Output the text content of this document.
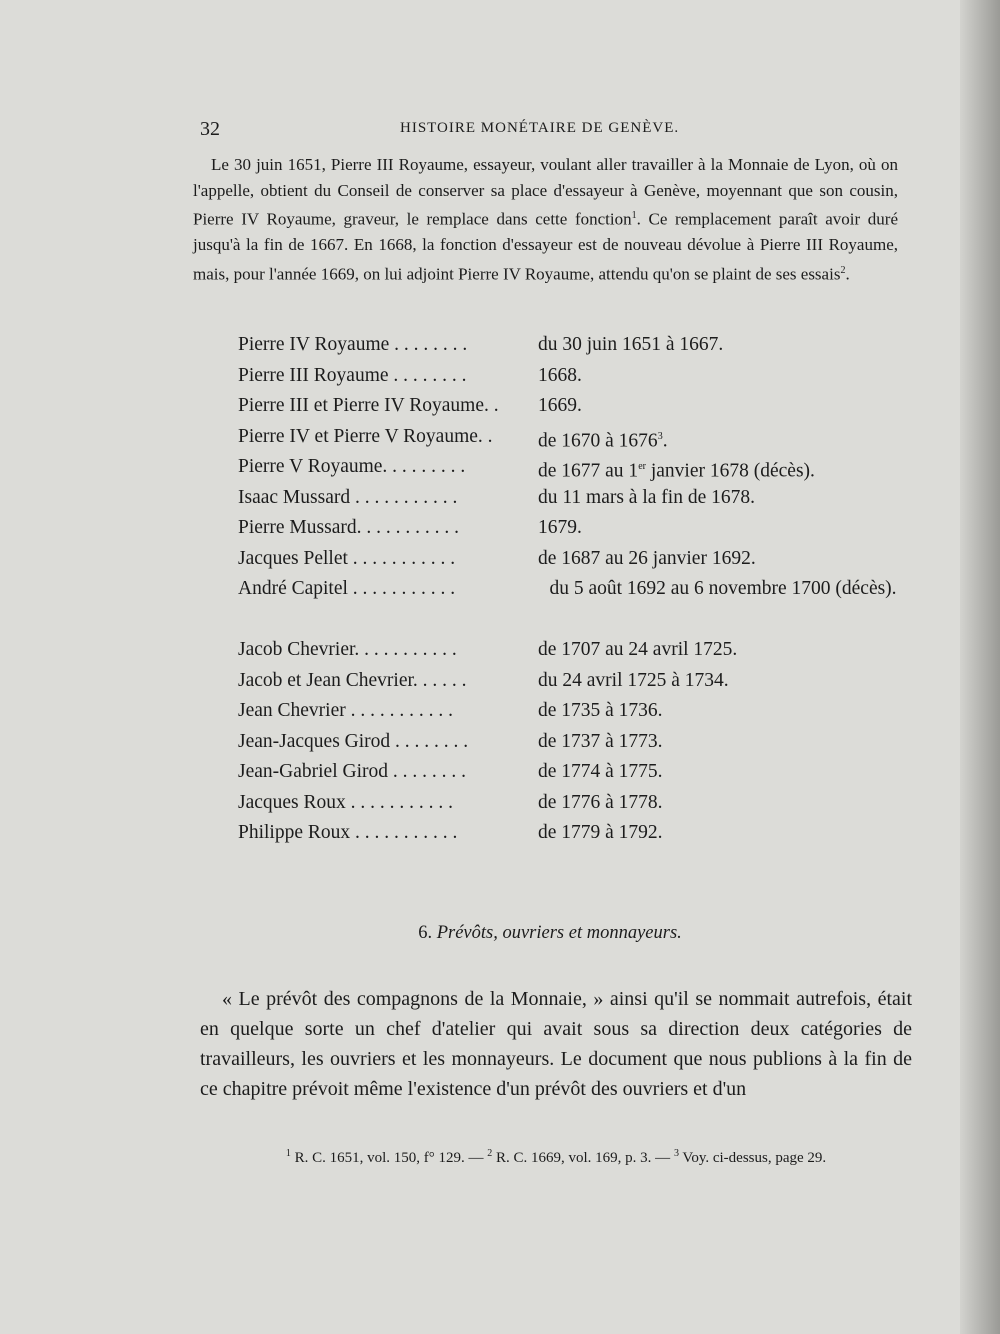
32	HISTOIRE MONÉTAIRE DE GENÈVE.

Le 30 juin 1651, Pierre III Royaume, essayeur, voulant aller travailler à la Monnaie de Lyon, où on l'appelle, obtient du Conseil de conserver sa place d'essayeur à Genève, moyennant que son cousin, Pierre IV Royaume, graveur, le remplace dans cette fonction$^1$. Ce remplacement paraît avoir duré jusqu'à la fin de 1667. En 1668, la fonction d'essayeur est de nouveau dévolue à Pierre III Royaume, mais, pour l'année 1669, on lui adjoint Pierre IV Royaume, attendu qu'on se plaint de ses essais$^2$.

Pierre IV Royaume . . . . . . . .	du 30 juin 1651 à 1667.
Pierre III Royaume . . . . . . . .	1668.
Pierre III et Pierre IV Royaume. .	1669.
Pierre IV et Pierre V Royaume. .	de 1670 à 1676$^3$.
Pierre V Royaume. . . . . . . . .	de 1677 au 1er janvier 1678 (décès).
Isaac Mussard . . . . . . . . . . .	du 11 mars à la fin de 1678.
Pierre Mussard. . . . . . . . . . .	1679.
Jacques Pellet . . . . . . . . . . .	de 1687 au 26 janvier 1692.
André Capitel . . . . . . . . . . .	du 5 août 1692 au 6 novembre 1700 (décès).
Jacob Chevrier. . . . . . . . . . .	de 1707 au 24 avril 1725.
Jacob et Jean Chevrier. . . . . .	du 24 avril 1725 à 1734.
Jean Chevrier . . . . . . . . . . .	de 1735 à 1736.
Jean-Jacques Girod . . . . . . . .	de 1737 à 1773.
Jean-Gabriel Girod . . . . . . . .	de 1774 à 1775.
Jacques Roux . . . . . . . . . . .	de 1776 à 1778.
Philippe Roux . . . . . . . . . . .	de 1779 à 1792.

6. Prévôts, ouvriers et monnayeurs.

« Le prévôt des compagnons de la Monnaie, » ainsi qu'il se nommait autrefois, était en quelque sorte un chef d'atelier qui avait sous sa direction deux catégories de travailleurs, les ouvriers et les monnayeurs. Le document que nous publions à la fin de ce chapitre prévoit même l'existence d'un prévôt des ouvriers et d'un

$^1$ R. C. 1651, vol. 150, f° 129. — $^2$ R. C. 1669, vol. 169, p. 3. — $^3$ Voy. ci-dessus, page 29.
